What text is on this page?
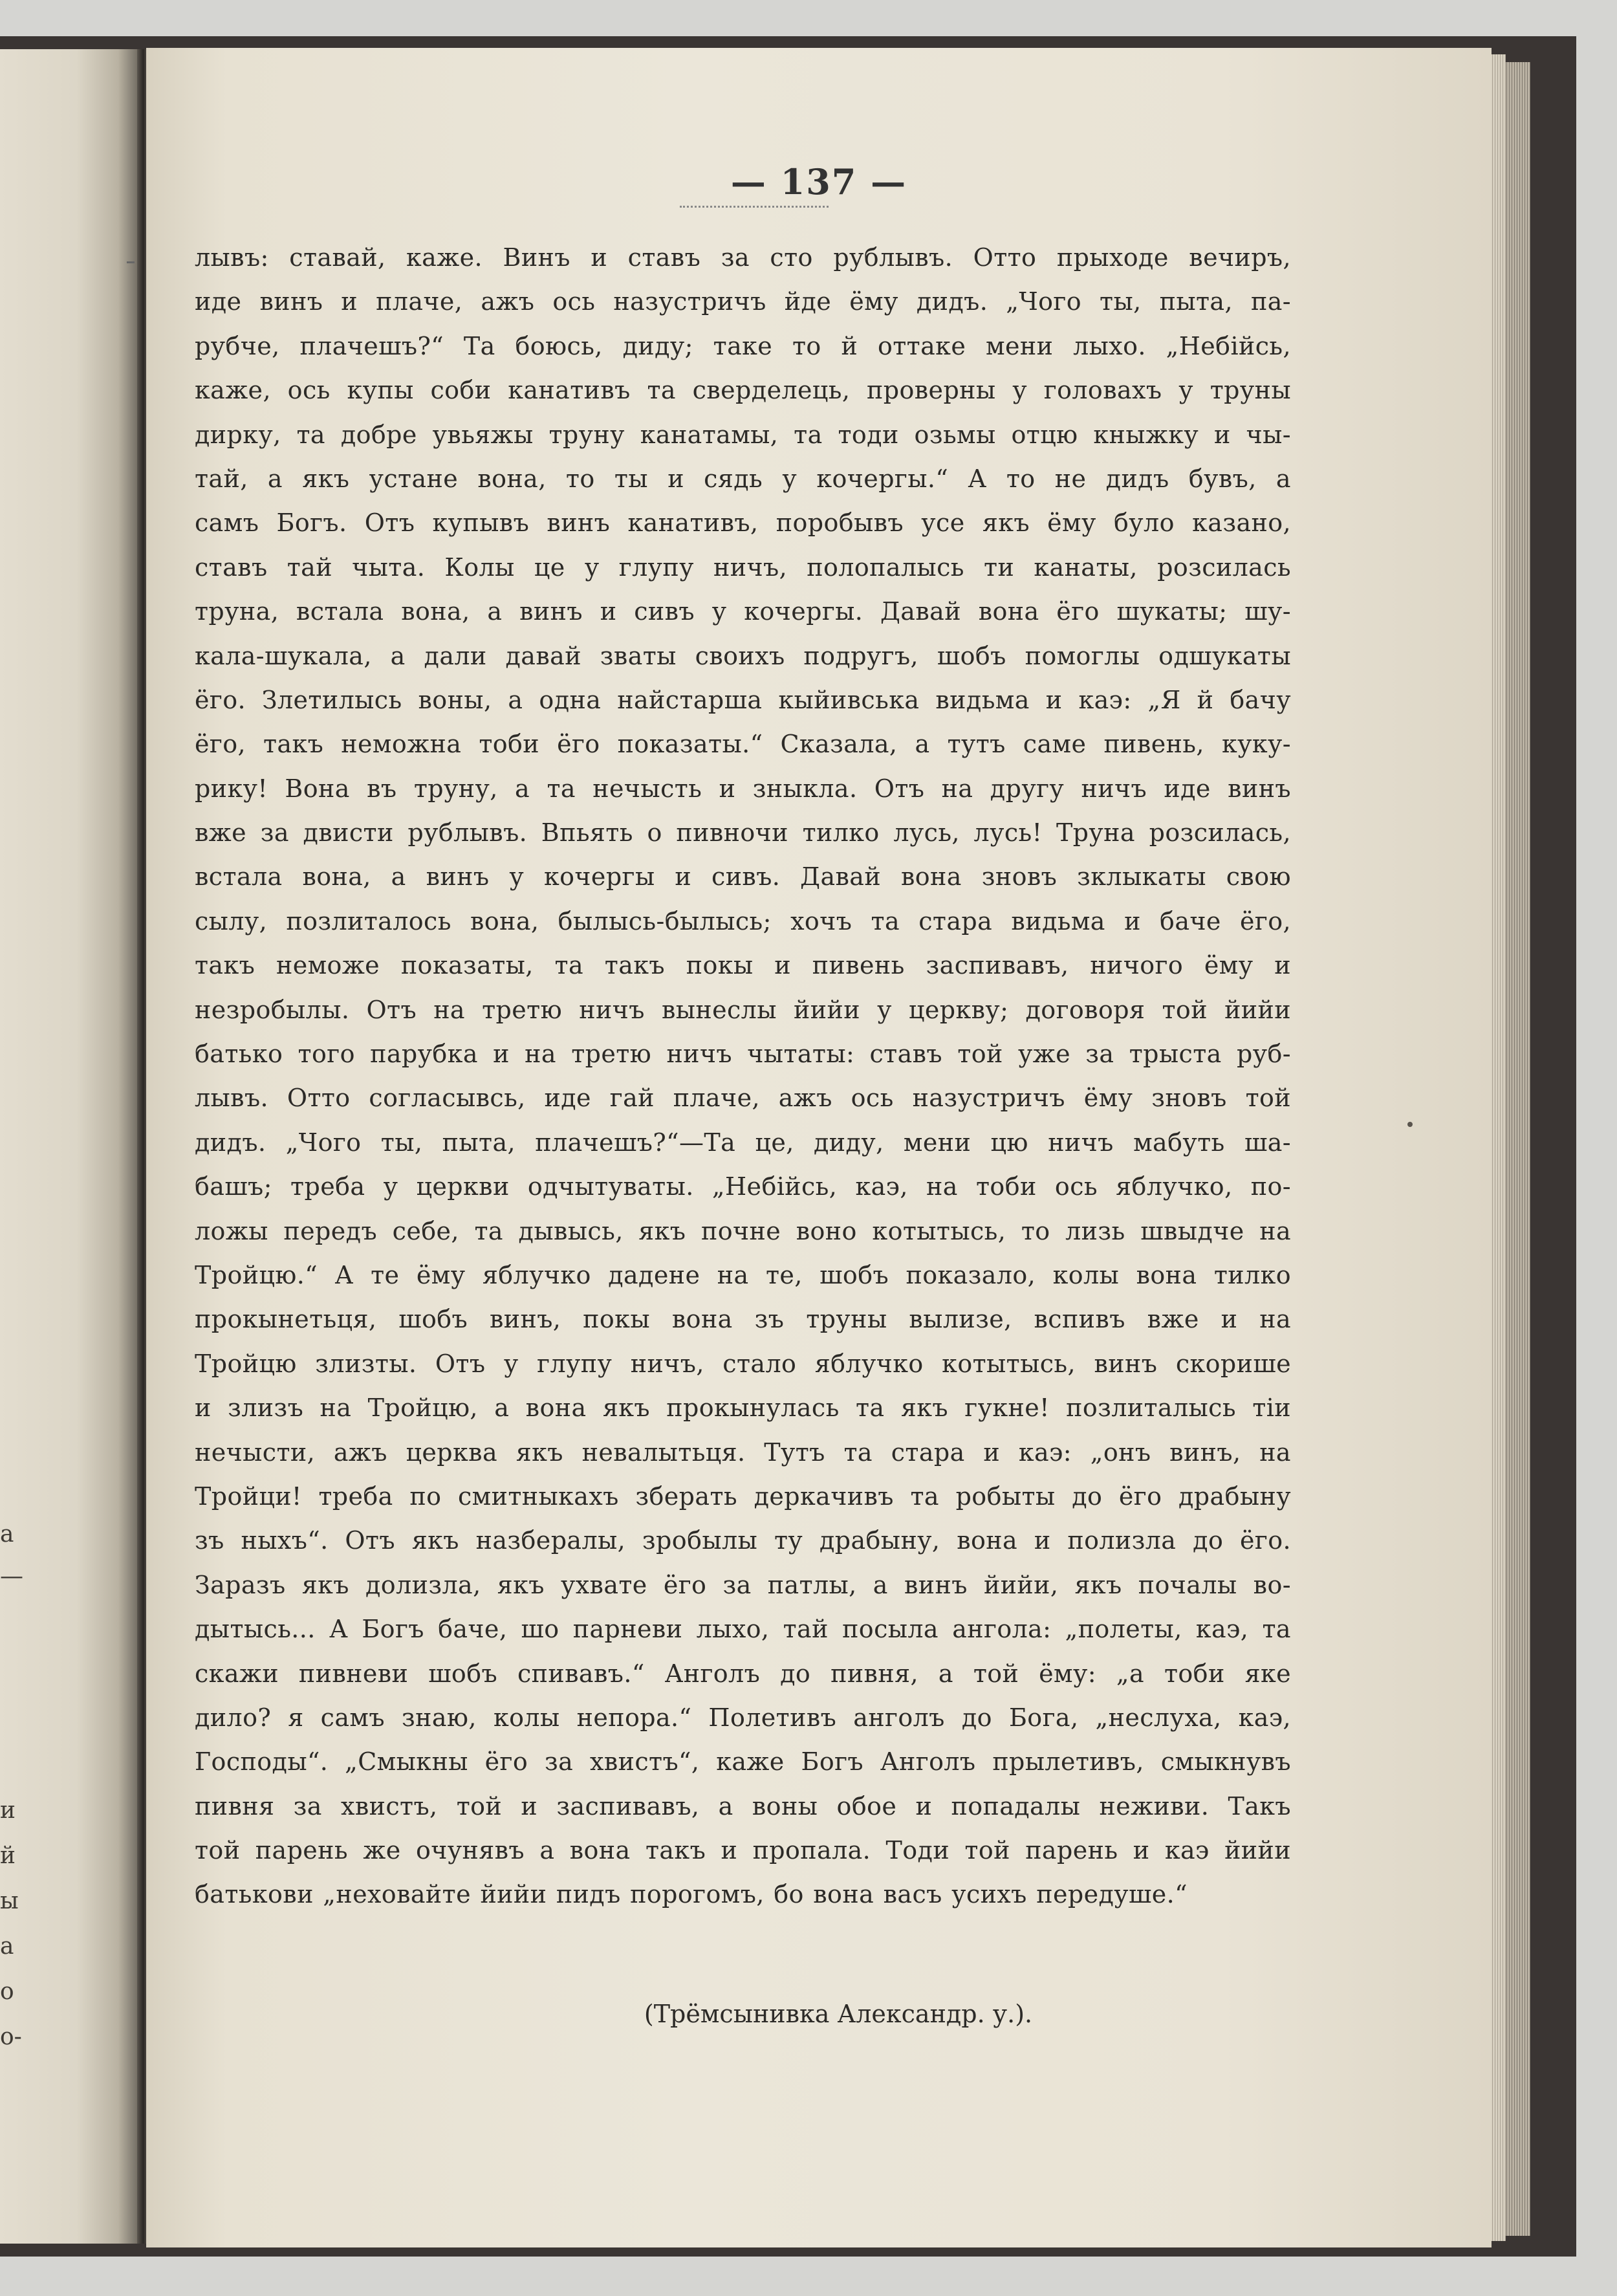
а
—
и
й
ы
а
о
о-
— 137 —
лывъ: ставай, каже. Винъ и ставъ за сто рублывъ. Отто прыходе вечиръ,
иде винъ и плаче, ажъ ось назустричъ йде ёму дидъ. „Чого ты, пыта, па-
рубче, плачешъ?“ Та боюсь, диду; таке то й оттаке мени лыхо. „Небійсь,
каже, ось купы соби канативъ та сверделець, проверны у головахъ у труны
дирку, та добре увьяжы труну канатамы, та тоди озьмы отцю кныжку и чы-
тай, а якъ устане вона, то ты и сядь у кочергы.“ А то не дидъ бувъ, а
самъ Богъ. Отъ купывъ винъ канативъ, поробывъ усе якъ ёму було казано,
ставъ тай чыта. Колы це у глупу ничъ, полопалысь ти канаты, розсилась
труна, встала вона, а винъ и сивъ у кочергы. Давай вона ёго шукаты; шу-
кала-шукала, а дали давай зваты своихъ подругъ, шобъ помоглы одшукаты
ёго. Злетилысь воны, а одна найстарша кыйивська видьма и каэ: „Я й бачу
ёго, такъ неможна тоби ёго показаты.“ Сказала, а тутъ саме пивень, куку-
рику! Вона въ труну, а та нечысть и зныкла. Отъ на другу ничъ иде винъ
вже за двисти рублывъ. Впьять о пивночи тилко лусь, лусь! Труна розсилась,
встала вона, а винъ у кочергы и сивъ. Давай вона зновъ зклыкаты свою
сылу, позлиталось вона, былысь-былысь; хочъ та стара видьма и баче ёго,
такъ неможе показаты, та такъ покы и пивень заспивавъ, ничого ёму и
незробылы. Отъ на третю ничъ вынеслы йийи у церкву; договоря той йийи
батько того парубка и на третю ничъ чытаты: ставъ той уже за трыста руб-
лывъ. Отто согласывсь, иде гай плаче, ажъ ось назустричъ ёму зновъ той
дидъ. „Чого ты, пыта, плачешъ?“—Та це, диду, мени цю ничъ мабуть ша-
башъ; треба у церкви одчытуваты. „Небійсь, каэ, на тоби ось яблучко, по-
ложы передъ себе, та дывысь, якъ почне воно котытысь, то лизь швыдче на
Тройцю.“ А те ёму яблучко дадене на те, шобъ показало, колы вона тилко
прокынетьця, шобъ винъ, покы вона зъ труны вылизе, вспивъ вже и на
Тройцю злизты. Отъ у глупу ничъ, стало яблучко котытысь, винъ скорише
и злизъ на Тройцю, а вона якъ прокынулась та якъ гукне! позлиталысь тіи
нечысти, ажъ церква якъ невалытьця. Тутъ та стара и каэ: „онъ винъ, на
Тройци! треба по смитныкахъ зберать деркачивъ та робыты до ёго драбыну
зъ ныхъ“. Отъ якъ назбералы, зробылы ту драбыну, вона и полизла до ёго.
Заразъ якъ долизла, якъ ухвате ёго за патлы, а винъ йийи, якъ почалы во-
дытысь... А Богъ баче, шо парневи лыхо, тай посыла ангола: „полеты, каэ, та
скажи пивневи шобъ спивавъ.“ Анголъ до пивня, а той ёму: „а тоби яке
дило? я самъ знаю, колы непора.“ Полетивъ анголъ до Бога, „неслуха, каэ,
Господы“. „Смыкны ёго за хвистъ“, каже Богъ Анголъ прылетивъ, смыкнувъ
пивня за хвистъ, той и заспивавъ, а воны обое и попадалы неживи. Такъ
той парень же очунявъ а вона такъ и пропала. Тоди той парень и каэ йийи
батькови „неховайте йийи пидъ порогомъ, бо вона васъ усихъ передуше.“
(Трёмсынивка Александр. у.).
